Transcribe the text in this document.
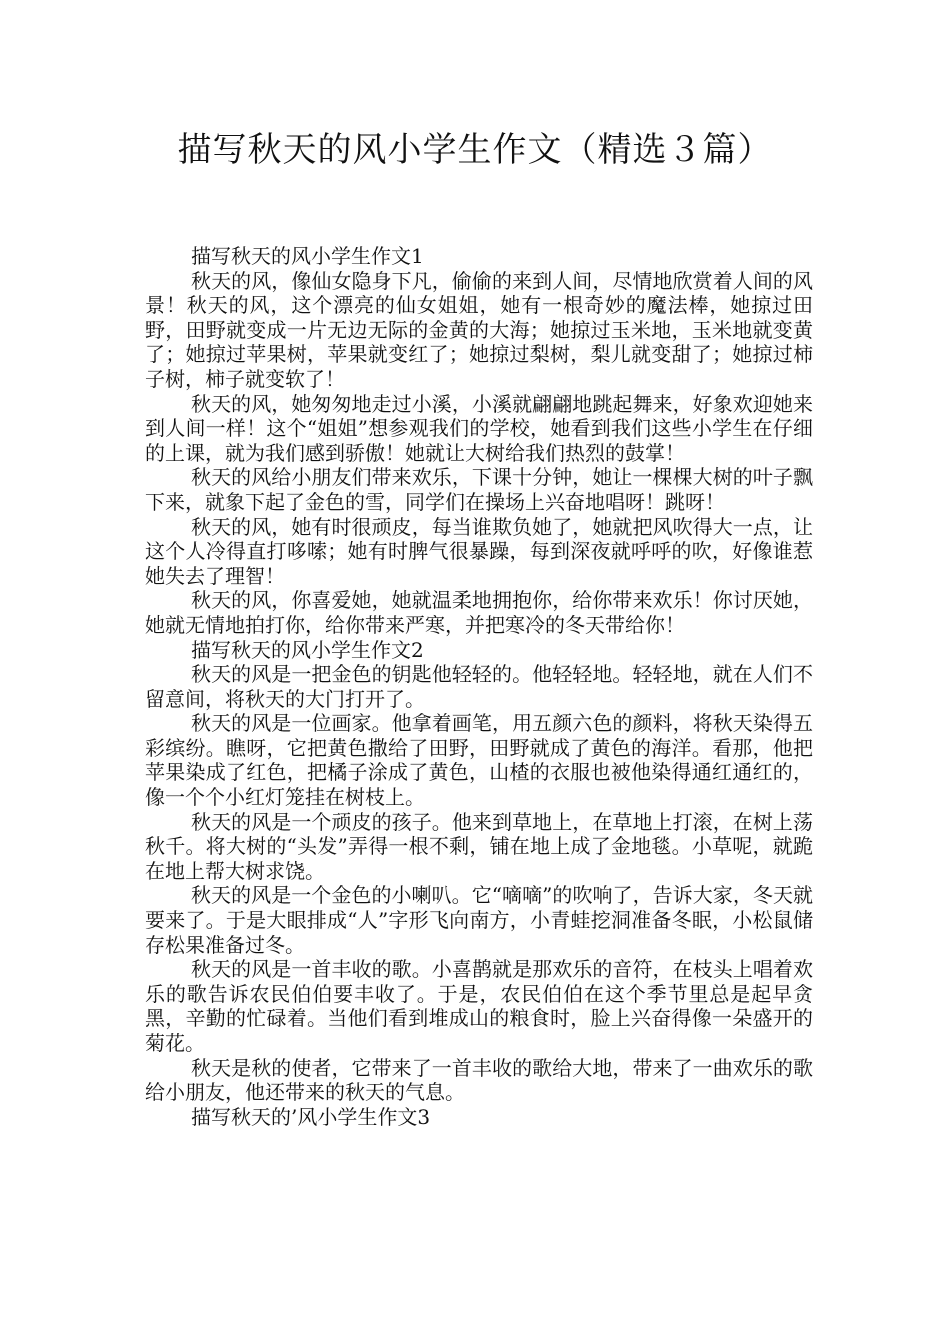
描写秋天的风小学生作文（精选３篇）

描写秋天的风小学生作文1

秋天的风，像仙女隐身下凡，偷偷的来到人间，尽情地欣赏着人间的风景！秋天的风，这个漂亮的仙女姐姐，她有一根奇妙的魔法棒，她掠过田野，田野就变成一片无边无际的金黄的大海；她掠过玉米地，玉米地就变黄了；她掠过苹果树，苹果就变红了；她掠过梨树，梨儿就变甜了；她掠过柿子树，柿子就变软了！

秋天的风，她匆匆地走过小溪，小溪就翩翩地跳起舞来，好象欢迎她来到人间一样！这个“姐姐”想参观我们的学校，她看到我们这些小学生在仔细的上课，就为我们感到骄傲！她就让大树给我们热烈的鼓掌！

秋天的风给小朋友们带来欢乐，下课十分钟，她让一棵棵大树的叶子飘下来，就象下起了金色的雪，同学们在操场上兴奋地唱呀！跳呀！

秋天的风，她有时很顽皮，每当谁欺负她了，她就把风吹得大一点，让这个人冷得直打哆嗦；她有时脾气很暴躁，每到深夜就呼呼的吹，好像谁惹她失去了理智！

秋天的风，你喜爱她，她就温柔地拥抱你，给你带来欢乐！你讨厌她，她就无情地拍打你，给你带来严寒，并把寒冷的冬天带给你！

描写秋天的风小学生作文2

秋天的风是一把金色的钥匙他轻轻的。他轻轻地。轻轻地，就在人们不留意间，将秋天的大门打开了。

秋天的风是一位画家。他拿着画笔，用五颜六色的颜料，将秋天染得五彩缤纷。瞧呀，它把黄色撒给了田野，田野就成了黄色的海洋。看那，他把苹果染成了红色，把橘子涂成了黄色，山楂的衣服也被他染得通红通红的，像一个个小红灯笼挂在树枝上。

秋天的风是一个顽皮的孩子。他来到草地上，在草地上打滚，在树上荡秋千。将大树的“头发”弄得一根不剩，铺在地上成了金地毯。小草呢，就跪在地上帮大树求饶。

秋天的风是一个金色的小喇叭。它“嘀嘀”的吹响了，告诉大家，冬天就要来了。于是大眼排成“人”字形飞向南方，小青蛙挖洞准备冬眠，小松鼠储存松果准备过冬。

秋天的风是一首丰收的歌。小喜鹊就是那欢乐的音符，在枝头上唱着欢乐的歌告诉农民伯伯要丰收了。于是，农民伯伯在这个季节里总是起早贪黑，辛勤的忙碌着。当他们看到堆成山的粮食时，脸上兴奋得像一朵盛开的菊花。

秋天是秋的使者，它带来了一首丰收的歌给大地，带来了一曲欢乐的歌给小朋友，他还带来的秋天的气息。

描写秋天的’风小学生作文3
